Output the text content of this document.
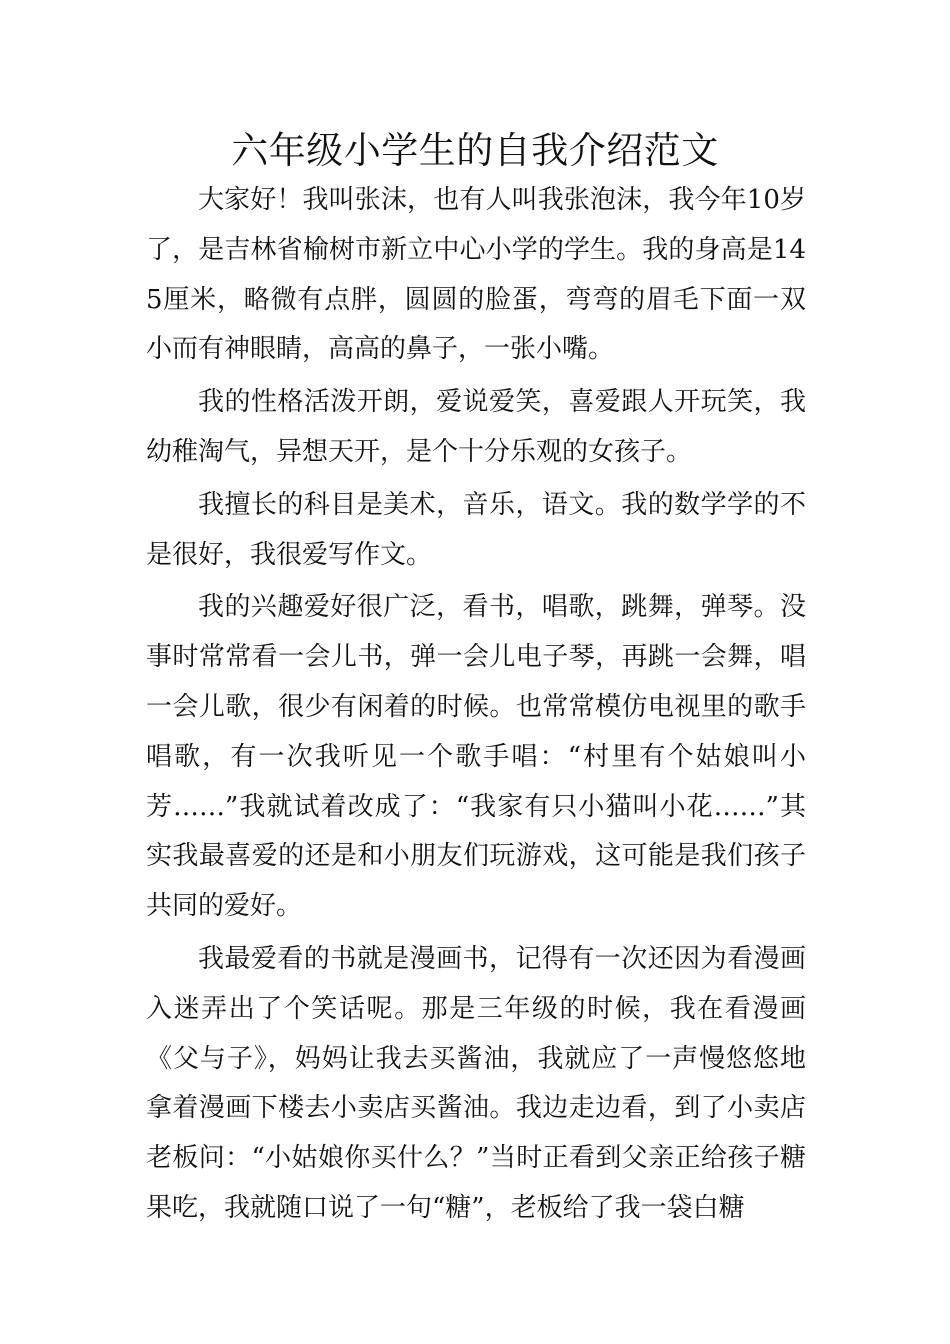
六年级小学生的自我介绍范文

大家好！我叫张沫，也有人叫我张泡沫，我今年10岁了，是吉林省榆树市新立中心小学的学生。我的身高是145厘米，略微有点胖，圆圆的脸蛋，弯弯的眉毛下面一双小而有神眼睛，高高的鼻子，一张小嘴。

我的性格活泼开朗，爱说爱笑，喜爱跟人开玩笑，我幼稚淘气，异想天开，是个十分乐观的女孩子。

我擅长的科目是美术，音乐，语文。我的数学学的不是很好，我很爱写作文。

我的兴趣爱好很广泛，看书，唱歌，跳舞，弹琴。没事时常常看一会儿书，弹一会儿电子琴，再跳一会舞，唱一会儿歌，很少有闲着的时候。也常常模仿电视里的歌手唱歌，有一次我听见一个歌手唱：“村里有个姑娘叫小芳……”我就试着改成了：“我家有只小猫叫小花……”其实我最喜爱的还是和小朋友们玩游戏，这可能是我们孩子共同的爱好。

我最爱看的书就是漫画书，记得有一次还因为看漫画入迷弄出了个笑话呢。那是三年级的时候，我在看漫画《父与子》，妈妈让我去买酱油，我就应了一声慢悠悠地拿着漫画下楼去小卖店买酱油。我边走边看，到了小卖店老板问：“小姑娘你买什么？”当时正看到父亲正给孩子糖果吃，我就随口说了一句“糖”，老板给了我一袋白糖
